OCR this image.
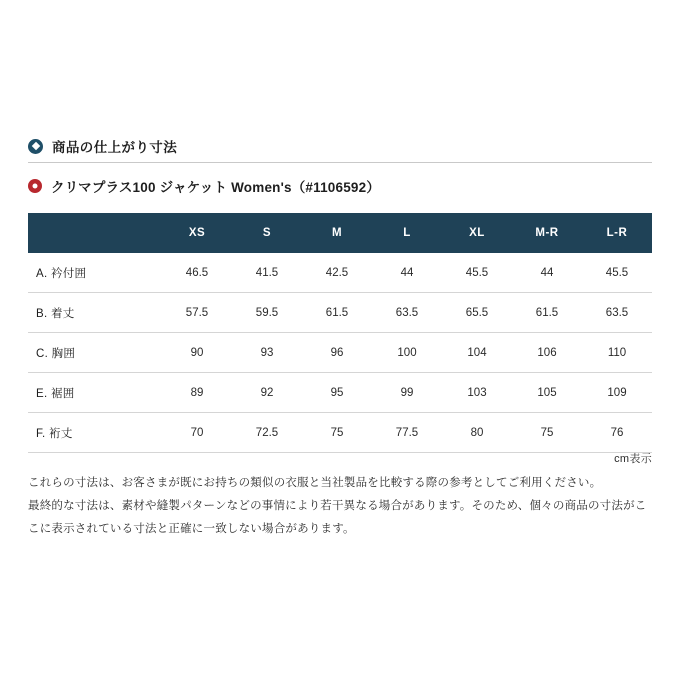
商品の仕上がり寸法
クリマプラス100 ジャケット Women's（#1106592）
	XS	S	M	L	XL	M-R	L-R
A. 衿付囲	46.5	41.5	42.5	44	45.5	44	45.5
B. 着丈	57.5	59.5	61.5	63.5	65.5	61.5	63.5
C. 胸囲	90	93	96	100	104	106	110
E. 裾囲	89	92	95	99	103	105	109
F. 裄丈	70	72.5	75	77.5	80	75	76
cm表示

これらの寸法は、お客さまが既にお持ちの類似の衣服と当社製品を比較する際の参考としてご利用ください。

最終的な寸法は、素材や縫製パターンなどの事情により若干異なる場合があります。そのため、個々の商品の寸法がこ

こに表示されている寸法と正確に一致しない場合があります。
